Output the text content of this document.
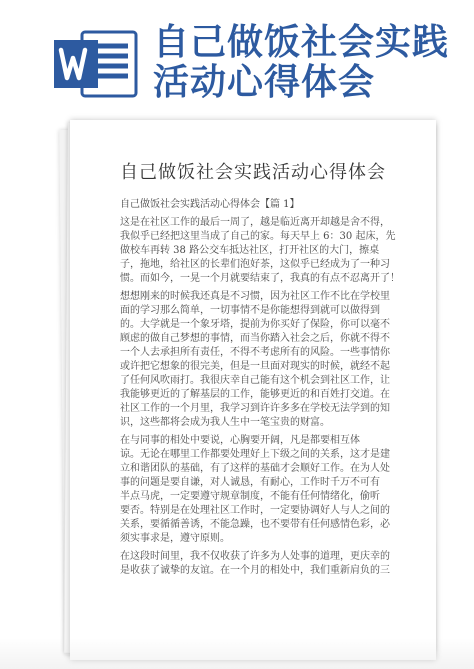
自己做饭社会实践
活动心得体会
自己做饭社会实践活动心得体会
自己做饭社会实践活动心得体会【篇 1】
这是在社区工作的最后一周了，越是临近离开却越是舍不得，
我似乎已经把这里当成了自己的家。每天早上 6：30 起床，先
做校车再转 38 路公交车抵达社区，打开社区的大门，擦桌
子，拖地，给社区的长辈们泡好茶，这似乎已经成为了一种习
惯。而如今，一晃一个月就要结束了，我真的有点不忍离开了！
想想刚来的时候我还真是不习惯，因为社区工作不比在学校里
面的学习那么简单，一切事情不是你能想得到就可以做得到
的。大学就是一个象牙塔，提前为你买好了保险，你可以毫不
顾虑的做自己梦想的事情，而当你踏入社会之后，你就不得不
一个人去承担所有责任，不得不考虑所有的风险。一些事情你
或许把它想象的很完美，但是一旦面对现实的时候，就经不起
了任何风吹雨打。我很庆幸自己能有这个机会到社区工作，让
我能够更近的了解基层的工作，能够更近的和百姓打交道。在
社区工作的一个月里，我学习到许许多多在学校无法学到的知
识，这些都将会成为我人生中一笔宝贵的财富。
在与同事的相处中要说，心胸要开阔，凡是都要相互体
谅。无论在哪里工作都要处理好上下级之间的关系，这才是建
立和谐团队的基础，有了这样的基础才会顺好工作。在为人处
事的问题是要自谦，对人诚恳，有耐心，工作时千万不可有
半点马虎，一定要遵守规章制度，不能有任何情绪化，偷听
要否。特别是在处理社区工作时，一定要协调好人与人之间的
关系，要循循善诱，不能急躁，也不要带有任何感情色彩，必
须实事求是，遵守原则。
在这段时间里，我不仅收获了许多为人处事的道理，更庆幸的
是收获了诚挚的友谊。在一个月的相处中，我们重新肩负的三
